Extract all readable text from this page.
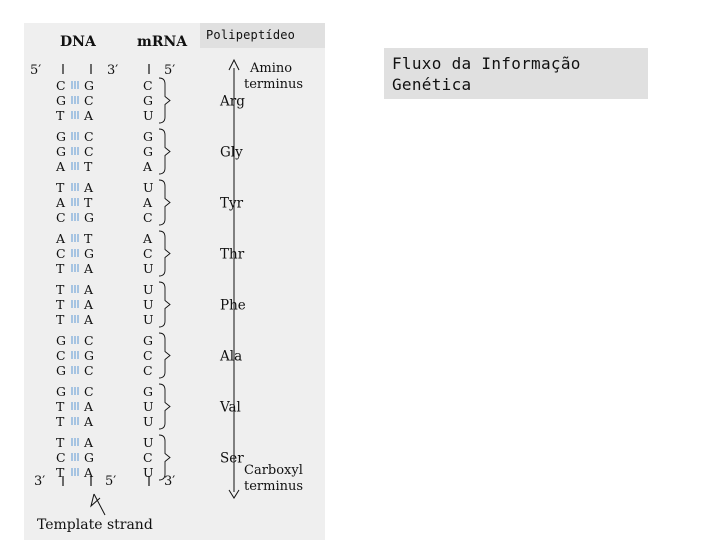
DNA	mRNA
5′	3′	5′
3′	5′	3′
Amino
terminus
Carboxyl
terminus
Template strand
C G	C
G C	G
T A	U
Arg
G C	G
G C	G
A T	A
Gly
T A	U
A T	A
C G	C
Tyr
A T	A
C G	C
T A	U
Thr
T A	U
T A	U
T A	U
Phe
G C	G
C G	C
G C	C
Ala
G C	G
T A	U
T A	U
Val
T A	U
C G	C
T A	U
Ser
Polipeptídeo
Fluxo da Informação
Genética
